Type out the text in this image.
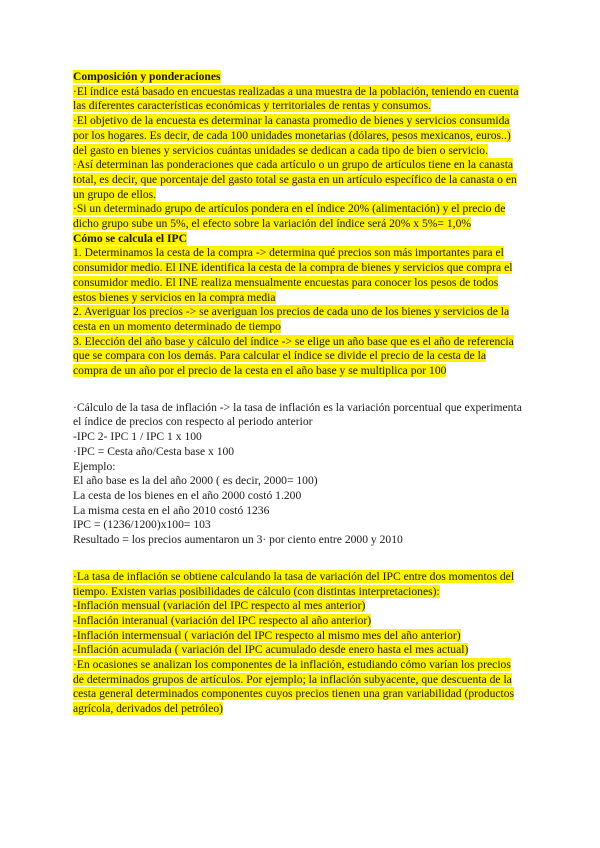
Composición y ponderaciones

·El índice está basado en encuestas realizadas a una muestra de la población, teniendo en cuenta las diferentes características económicas y territoriales de rentas y consumos.

·El objetivo de la encuesta es determinar la canasta promedio de bienes y servicios consumida por los hogares. Es decir, de cada 100 unidades monetarias (dólares, pesos mexicanos, euros..) del gasto en bienes y servicios cuántas unidades se dedican a cada tipo de bien o servicio.

·Así determinan las ponderaciones que cada artículo o un grupo de artículos tiene en la canasta total, es decir, que porcentaje del gasto total se gasta en un artículo específico de la canasta o en un grupo de ellos.

·Si un determinado grupo de artículos pondera en el índice 20% (alimentación) y el precio de dicho grupo sube un 5%, el efecto sobre la variación del índice será 20% x 5%= 1,0%

Cómo se calcula el IPC

1. Determinamos la cesta de la compra -> determina qué precios son más importantes para el consumidor medio. El INE identifica la cesta de la compra de bienes y servicios que compra el consumidor medio. El INE realiza mensualmente encuestas para conocer los pesos de todos estos bienes y servicios en la compra media

2. Averiguar los precios -> se averiguan los precios de cada uno de los bienes y servicios de la cesta en un momento determinado de tiempo

3. Elección del año base y cálculo del índice -> se elige un año base que es el año de referencia que se compara con los demás. Para calcular el índice se divide el precio de la cesta de la compra de un año por el precio de la cesta en el año base y se multiplica por 100

·Cálculo de la tasa de inflación -> la tasa de inflación es la variación porcentual que experimenta el índice de precios con respecto al periodo anterior

-IPC 2- IPC 1 / IPC 1 x 100

·IPC = Cesta año/Cesta base x 100

Ejemplo:

El año base es la del año 2000 ( es decir, 2000= 100)

La cesta de los bienes en el año 2000 costó 1.200

La misma cesta en el año 2010 costó 1236

IPC = (1236/1200)x100= 103

Resultado = los precios aumentaron un 3· por ciento entre 2000 y 2010

·La tasa de inflación se obtiene calculando la tasa de variación del IPC entre dos momentos del tiempo. Existen varias posibilidades de cálculo (con distintas interpretaciones):

-Inflación mensual (variación del IPC respecto al mes anterior)

-Inflación interanual (variación del IPC respecto al año anterior)

-Inflación intermensual ( variación del IPC respecto al mismo mes del año anterior)

-Inflación acumulada ( variación del IPC acumulado desde enero hasta el mes actual)

·En ocasiones se analizan los componentes de la inflación, estudiando cómo varían los precios de determinados grupos de artículos. Por ejemplo; la inflación subyacente, que descuenta de la cesta general determinados componentes cuyos precios tienen una gran variabilidad (productos agrícola, derivados del petróleo)
